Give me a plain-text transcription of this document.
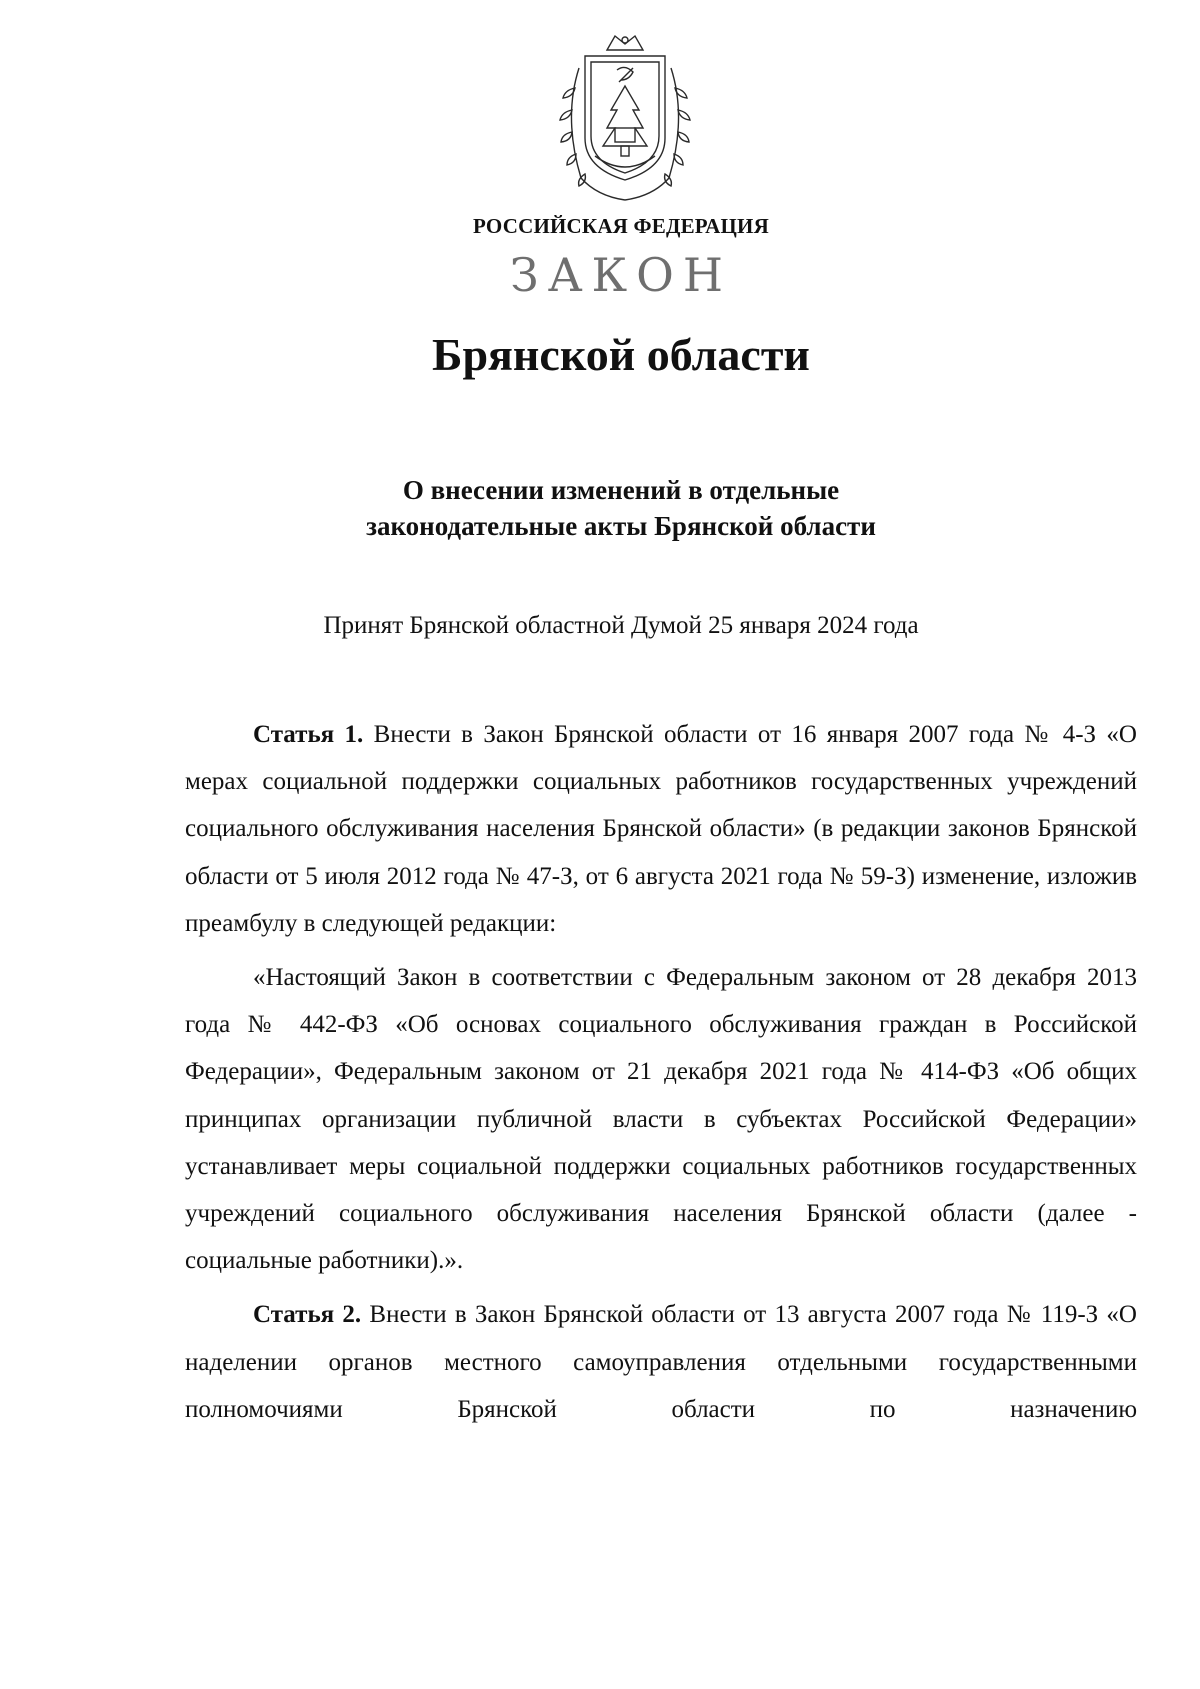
РОССИЙСКАЯ ФЕДЕРАЦИЯ
ЗАКОН
Брянской области
О внесении изменений в отдельные
законодательные акты Брянской области
Принят Брянской областной Думой 25 января 2024 года

Статья 1. Внести в Закон Брянской области от 16 января 2007 года № 4-З «О мерах социальной поддержки социальных работников государственных учреждений социального обслуживания населения Брянской области» (в редакции законов Брянской области от 5 июля 2012 года № 47-З, от 6 августа 2021 года № 59-З) изменение, изложив преамбулу в следующей редакции:

«Настоящий Закон в соответствии с Федеральным законом от 28 декабря 2013 года № 442-ФЗ «Об основах социального обслуживания граждан в Российской Федерации», Федеральным законом от 21 декабря 2021 года № 414-ФЗ «Об общих принципах организации публичной власти в субъектах Российской Федерации» устанавливает меры социальной поддержки социальных работников государственных учреждений социального обслуживания населения Брянской области (далее - социальные работники).».

Статья 2. Внести в Закон Брянской области от 13 августа 2007 года № 119-З «О наделении органов местного самоуправления отдельными государственными полномочиями Брянской области по назначению
